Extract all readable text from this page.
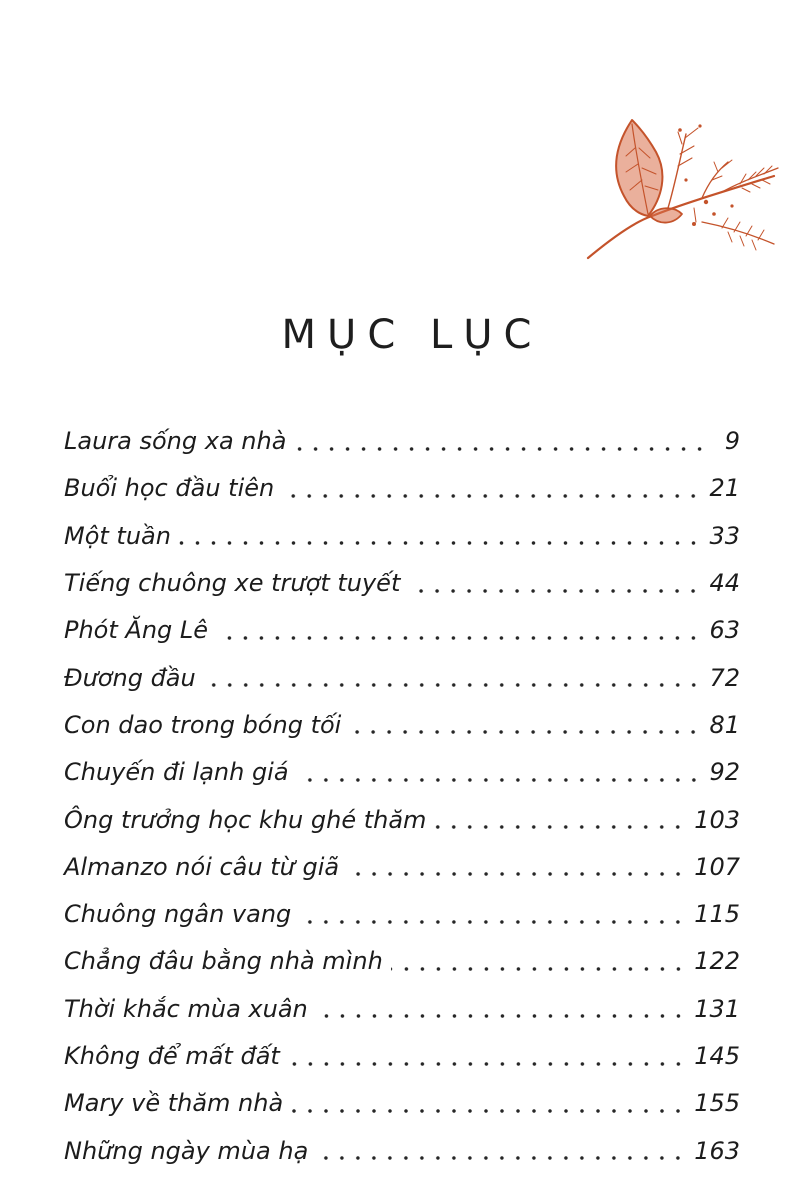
MỤC LỤC
Laura sống xa nhà	9
Buổi học đầu tiên	21
Một tuần	33
Tiếng chuông xe trượt tuyết	44
Phót Ăng Lê	63
Đương đầu	72
Con dao trong bóng tối	81
Chuyến đi lạnh giá	92
Ông trưởng học khu ghé thăm	103
Almanzo nói câu từ giã	107
Chuông ngân vang	115
Chẳng đâu bằng nhà mình	122
Thời khắc mùa xuân	131
Không để mất đất	145
Mary về thăm nhà	155
Những ngày mùa hạ	163
